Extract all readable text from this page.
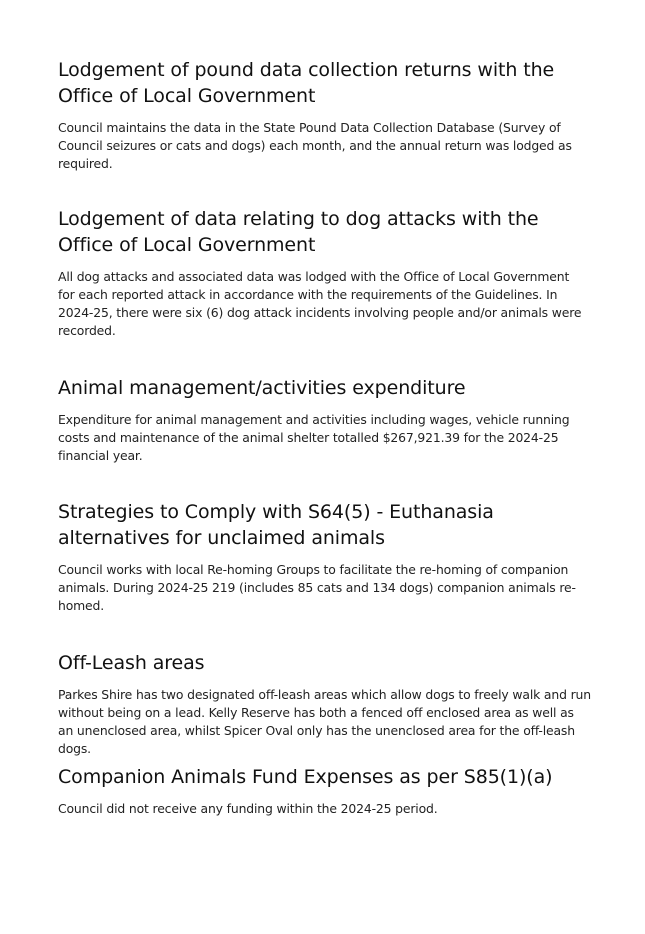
Lodgement of pound data collection returns with the
Office of Local Government

Council maintains the data in the State Pound Data Collection Database (Survey of
Council seizures or cats and dogs) each month, and the annual return was lodged as
required.

Lodgement of data relating to dog attacks with the
Office of Local Government

All dog attacks and associated data was lodged with the Office of Local Government
for each reported attack in accordance with the requirements of the Guidelines. In
2024-25, there were six (6) dog attack incidents involving people and/or animals were
recorded.

Animal management/activities expenditure

Expenditure for animal management and activities including wages, vehicle running
costs and maintenance of the animal shelter totalled $267,921.39 for the 2024-25
financial year.

Strategies to Comply with S64(5) - Euthanasia
alternatives for unclaimed animals

Council works with local Re-homing Groups to facilitate the re-homing of companion
animals. During 2024-25 219 (includes 85 cats and 134 dogs) companion animals re-
homed.

Off-Leash areas

Parkes Shire has two designated off-leash areas which allow dogs to freely walk and run
without being on a lead. Kelly Reserve has both a fenced off enclosed area as well as
an unenclosed area, whilst Spicer Oval only has the unenclosed area for the off-leash
dogs.

Companion Animals Fund Expenses as per S85(1)(a)

Council did not receive any funding within the 2024-25 period.
